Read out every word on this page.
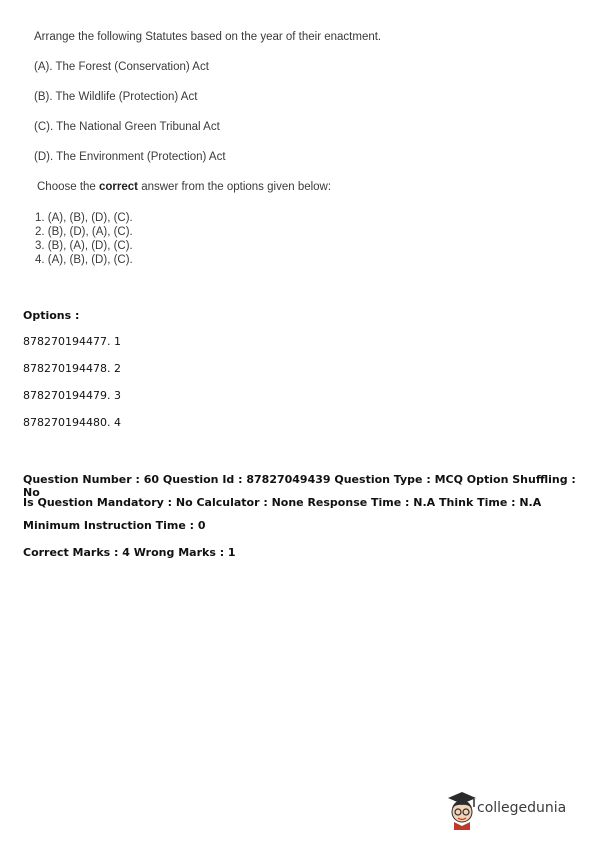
Arrange the following Statutes based on the year of their enactment.

(A). The Forest (Conservation) Act
(B). The Wildlife (Protection) Act
(C). The National Green Tribunal Act
(D). The Environment (Protection) Act
Choose the correct answer from the options given below:
1. (A), (B), (D), (C).
2. (B), (D), (A), (C).
3. (B), (A), (D), (C).
4. (A), (B), (D), (C).
Options :
878270194477. 1
878270194478. 2
878270194479. 3
878270194480. 4
Question Number : 60 Question Id : 87827049439 Question Type : MCQ Option Shuffling : No
Is Question Mandatory : No Calculator : None Response Time : N.A Think Time : N.A
Minimum Instruction Time : 0
Correct Marks : 4 Wrong Marks : 1
collegedunia
